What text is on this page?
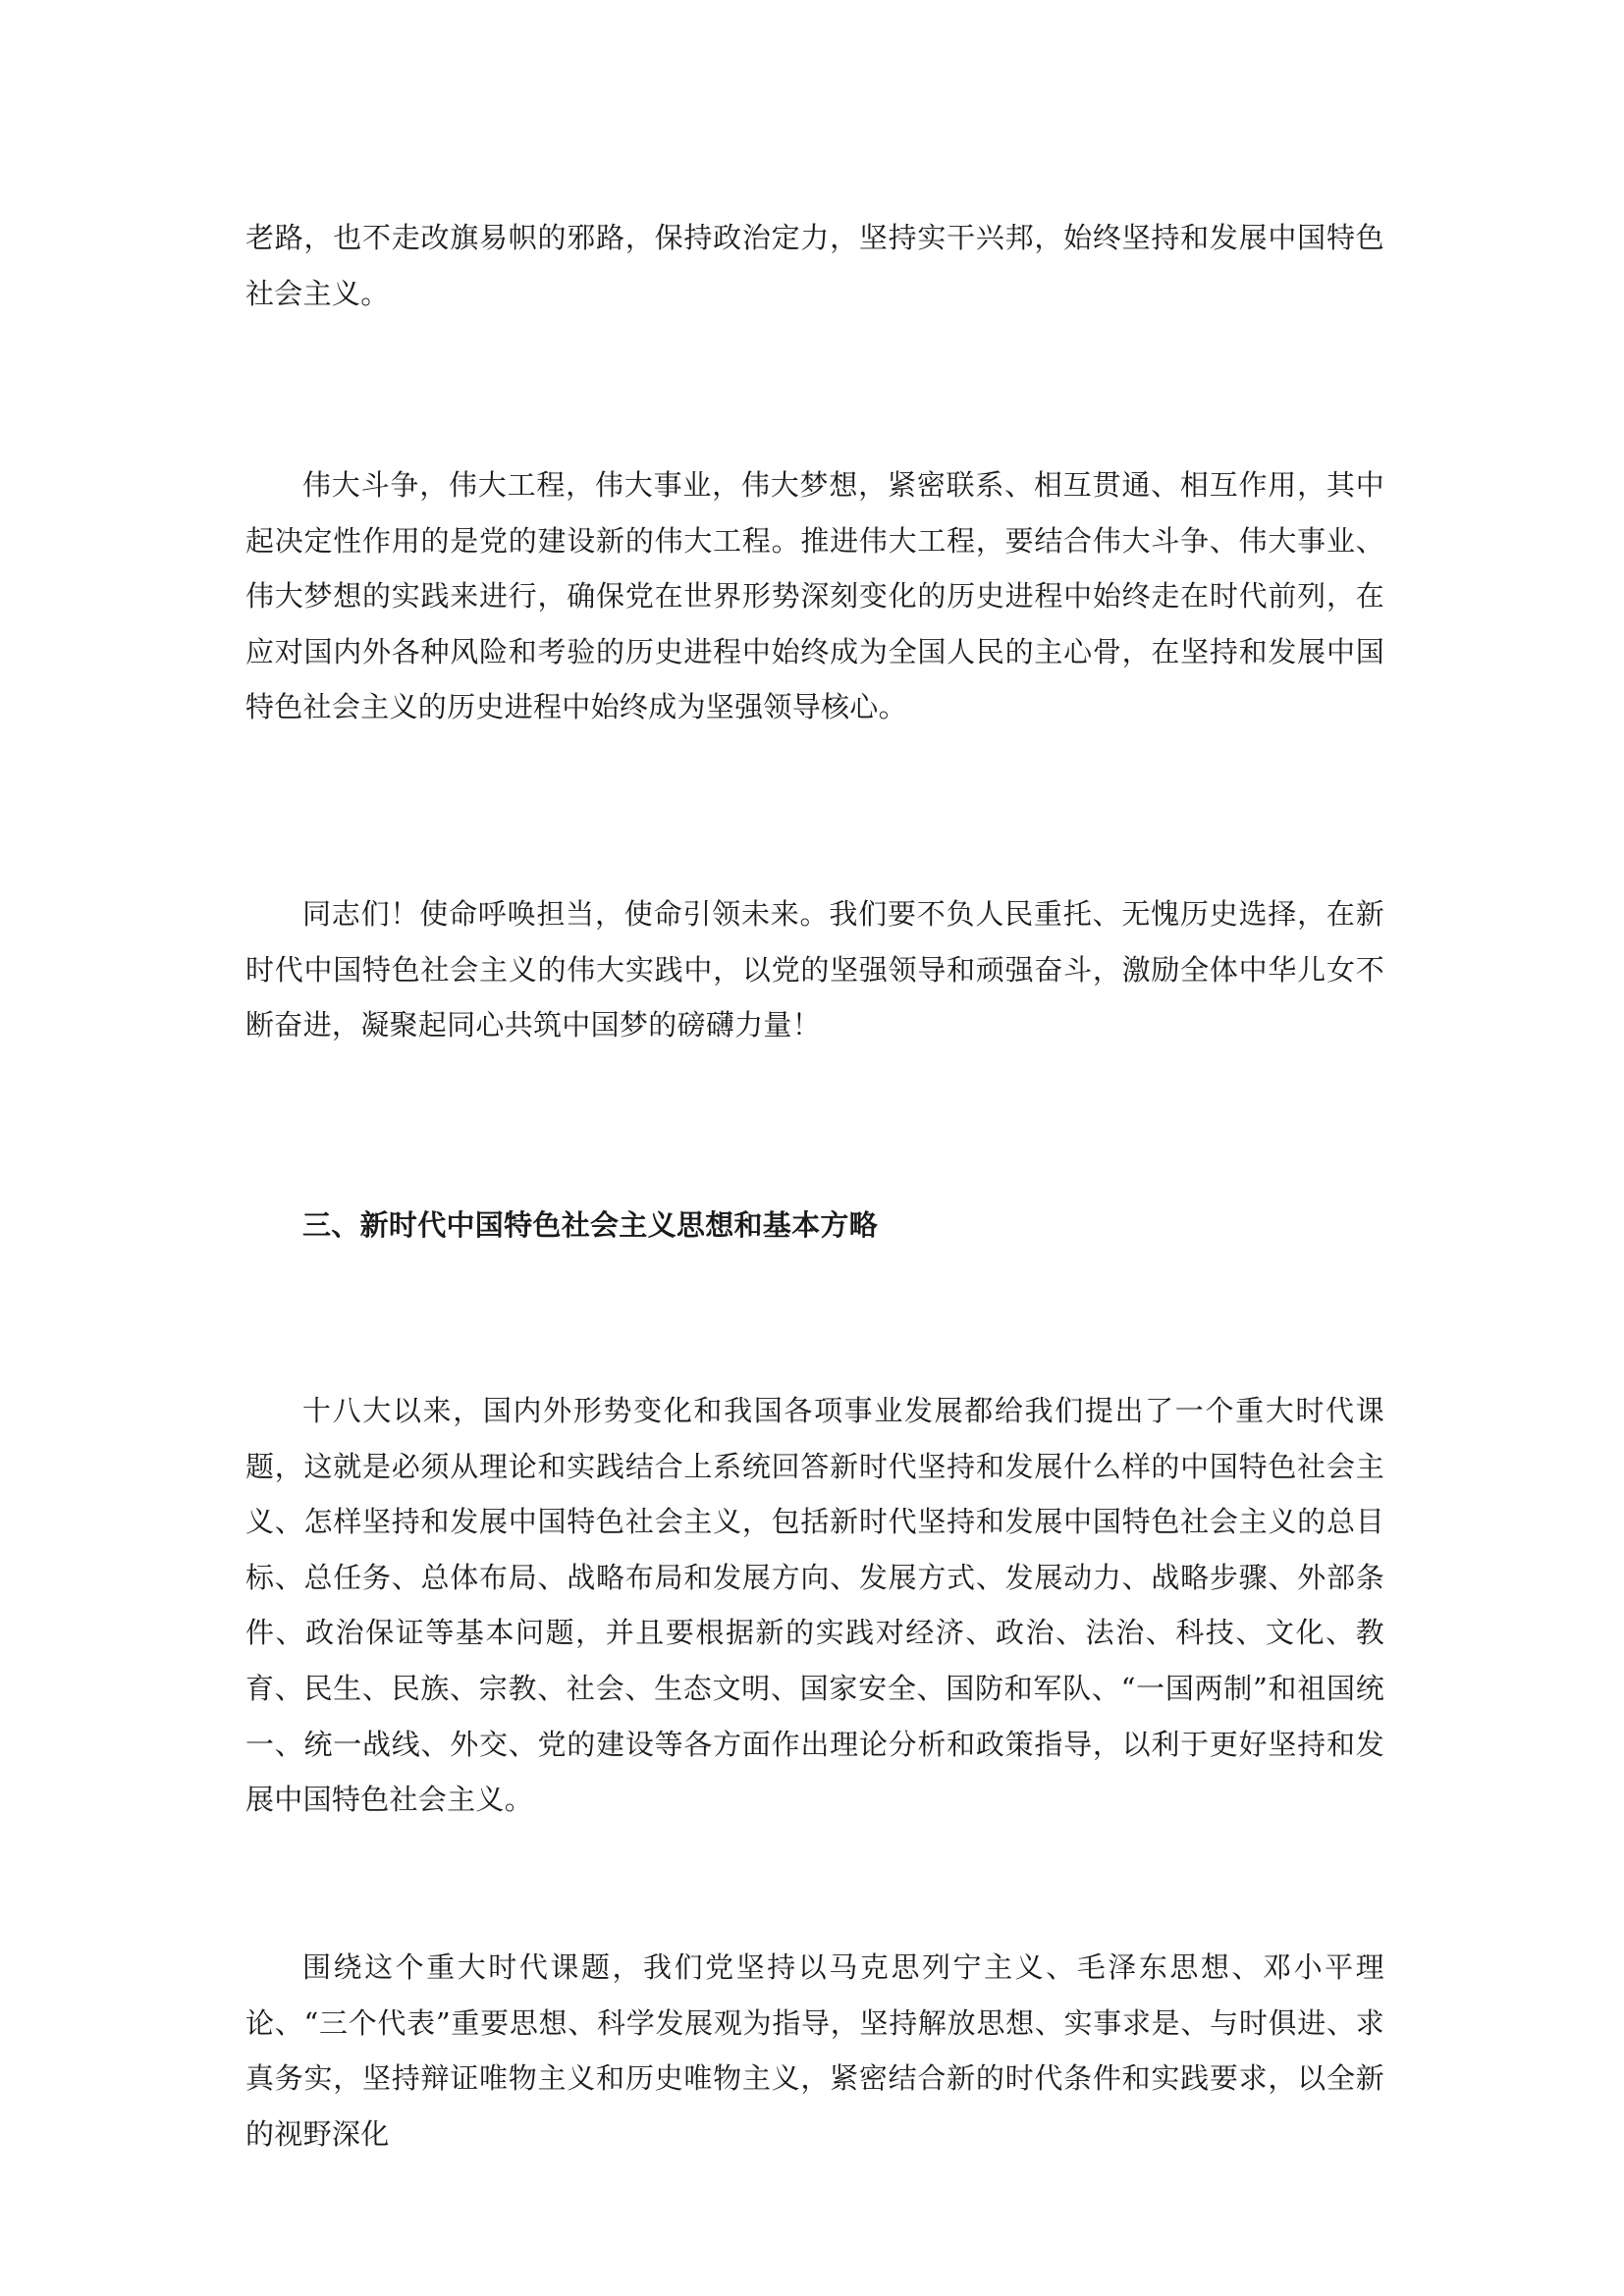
老路，也不走改旗易帜的邪路，保持政治定力，坚持实干兴邦，始终坚持和发展中国特色社会主义。

伟大斗争，伟大工程，伟大事业，伟大梦想，紧密联系、相互贯通、相互作用，其中起决定性作用的是党的建设新的伟大工程。推进伟大工程，要结合伟大斗争、伟大事业、伟大梦想的实践来进行，确保党在世界形势深刻变化的历史进程中始终走在时代前列，在应对国内外各种风险和考验的历史进程中始终成为全国人民的主心骨，在坚持和发展中国特色社会主义的历史进程中始终成为坚强领导核心。

同志们！使命呼唤担当，使命引领未来。我们要不负人民重托、无愧历史选择，在新时代中国特色社会主义的伟大实践中，以党的坚强领导和顽强奋斗，激励全体中华儿女不断奋进，凝聚起同心共筑中国梦的磅礴力量！

三、新时代中国特色社会主义思想和基本方略

十八大以来，国内外形势变化和我国各项事业发展都给我们提出了一个重大时代课题，这就是必须从理论和实践结合上系统回答新时代坚持和发展什么样的中国特色社会主义、怎样坚持和发展中国特色社会主义，包括新时代坚持和发展中国特色社会主义的总目标、总任务、总体布局、战略布局和发展方向、发展方式、发展动力、战略步骤、外部条件、政治保证等基本问题，并且要根据新的实践对经济、政治、法治、科技、文化、教育、民生、民族、宗教、社会、生态文明、国家安全、国防和军队、“一国两制”和祖国统一、统一战线、外交、党的建设等各方面作出理论分析和政策指导，以利于更好坚持和发展中国特色社会主义。

围绕这个重大时代课题，我们党坚持以马克思列宁主义、毛泽东思想、邓小平理论、“三个代表”重要思想、科学发展观为指导，坚持解放思想、实事求是、与时俱进、求真务实，坚持辩证唯物主义和历史唯物主义，紧密结合新的时代条件和实践要求，以全新的视野深化
